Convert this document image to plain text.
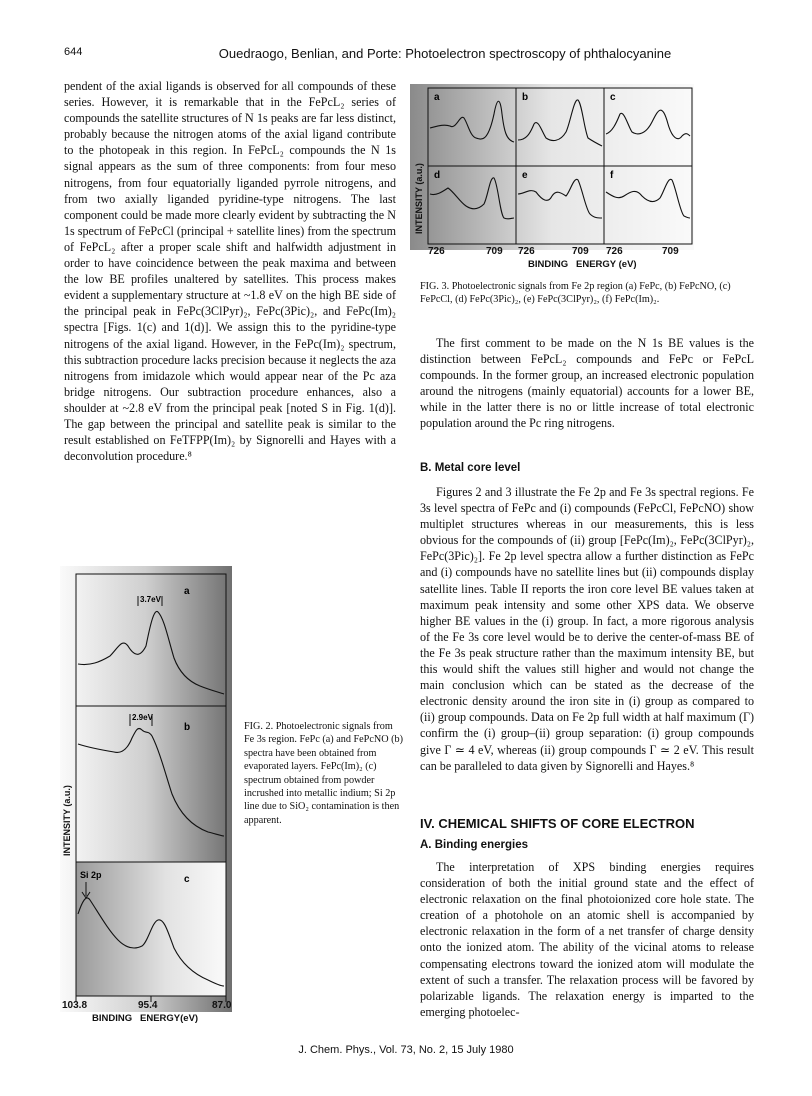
644	Ouedraogo, Benlian, and Porte: Photoelectron spectroscopy of phthalocyanine

pendent of the axial ligands is observed for all compounds of these series. However, it is remarkable that in the FePcL₂ series of compounds the satellite structures of N 1s peaks are far less distinct, probably because the nitrogen atoms of the axial ligand contribute to the photopeak in this region. In FePcL₂ compounds the N 1s signal appears as the sum of three components: from four meso nitrogens, from four equatorially liganded pyrrole nitrogens, and from two axially liganded pyridine-type nitrogens. The last component could be made more clearly evident by subtracting the N 1s spectrum of FePcCl (principal + satellite lines) from the spectrum of FePcL₂ after a proper scale shift and halfwidth adjustment in order to have coincidence between the peak maxima and between the low BE profiles unaltered by satellites. This process makes evident a supplementary structure at ~1.8 eV on the high BE side of the principal peak in FePc(3ClPyr)₂, FePc(3Pic)₂, and FePc(Im)₂ spectra [Figs. 1(c) and 1(d)]. We assign this to the pyridine-type nitrogens of the axial ligand. However, in the FePc(Im)₂ spectrum, this subtraction procedure lacks precision because it neglects the aza nitrogens from imidazole which would appear near of the Pc aza bridge nitrogens. Our subtraction procedure enhances, also a shoulder at ~2.8 eV from the principal peak [noted S in Fig. 1(d)]. The gap between the principal and satellite peak is similar to the result established on FeTFPP(Im)₂ by Signorelli and Hayes with a deconvolution procedure.⁸

INTENSITY (a.u.)
a	b	c
d	e	f
726	709 726	709 726	709
BINDING   ENERGY (eV)
FIG. 3. Photoelectronic signals from Fe 2p region (a) FePc, (b) FePcNO, (c) FePcCl, (d) FePc(3Pic)₂, (e) FePc(3ClPyr)₂, (f) FePc(Im)₂.

The first comment to be made on the N 1s BE values is the distinction between FePcL₂ compounds and FePc or FePcL compounds. In the former group, an increased electronic population around the nitrogens (mainly equatorial) accounts for a lower BE, while in the latter there is no or little increase of total electronic population around the Pc ring nitrogens.

B. Metal core level

Figures 2 and 3 illustrate the Fe 2p and Fe 3s spectral regions. Fe 3s level spectra of FePc and (i) compounds (FePcCl, FePcNO) show multiplet structures whereas in our measurements, this is less obvious for the compounds of (ii) group [FePc(Im)₂, FePc(3ClPyr)₂, FePc(3Pic)₂]. Fe 2p level spectra allow a further distinction as FePc and (i) compounds have no satellite lines but (ii) compounds display satellite lines. Table II reports the iron core level BE values taken at maximum peak intensity and some other XPS data. We observe higher BE values in the (i) group. In fact, a more rigorous analysis of the Fe 3s core level would be to derive the center-of-mass BE of the Fe 3s peak structure rather than the maximum intensity BE, but this would shift the values still higher and would not change the main conclusion which can be stated as the decrease of the electronic density around the iron site in (i) group as compared to (ii) group compounds. Data on Fe 2p full width at half maximum (Γ) confirm the (i) group–(ii) group separation: (i) group compounds give Γ ≃ 4 eV, whereas (ii) group compounds Γ ≃ 2 eV. This result can be paralleled to data given by Signorelli and Hayes.⁸

IV. CHEMICAL SHIFTS OF CORE ELECTRON
A. Binding energies

The interpretation of XPS binding energies requires consideration of both the initial ground state and the effect of electronic relaxation on the final photoionized core hole state. The creation of a photohole on an atomic shell is accompanied by electronic relaxation in the form of a net transfer of charge density onto the ionized atom. The ability of the vicinal atoms to release compensating electrons toward the ionized atom will modulate the extent of such a transfer. The relaxation process will be favored by polarizable ligands. The relaxation energy is imparted to the emerging photoelec-

INTENSITY (a.u.)
a
b
c
3.7eV
2.9eV
Si 2p
103.8	95.4	87.0
BINDING   ENERGY(eV)
FIG. 2. Photoelectronic signals from Fe 3s region. FePc (a) and FePcNO (b) spectra have been obtained from evaporated layers. FePc(Im)₂ (c) spectrum obtained from powder incrushed into metallic indium; Si 2p line due to SiO₂ contamination is then apparent.
J. Chem. Phys., Vol. 73, No. 2, 15 July 1980
